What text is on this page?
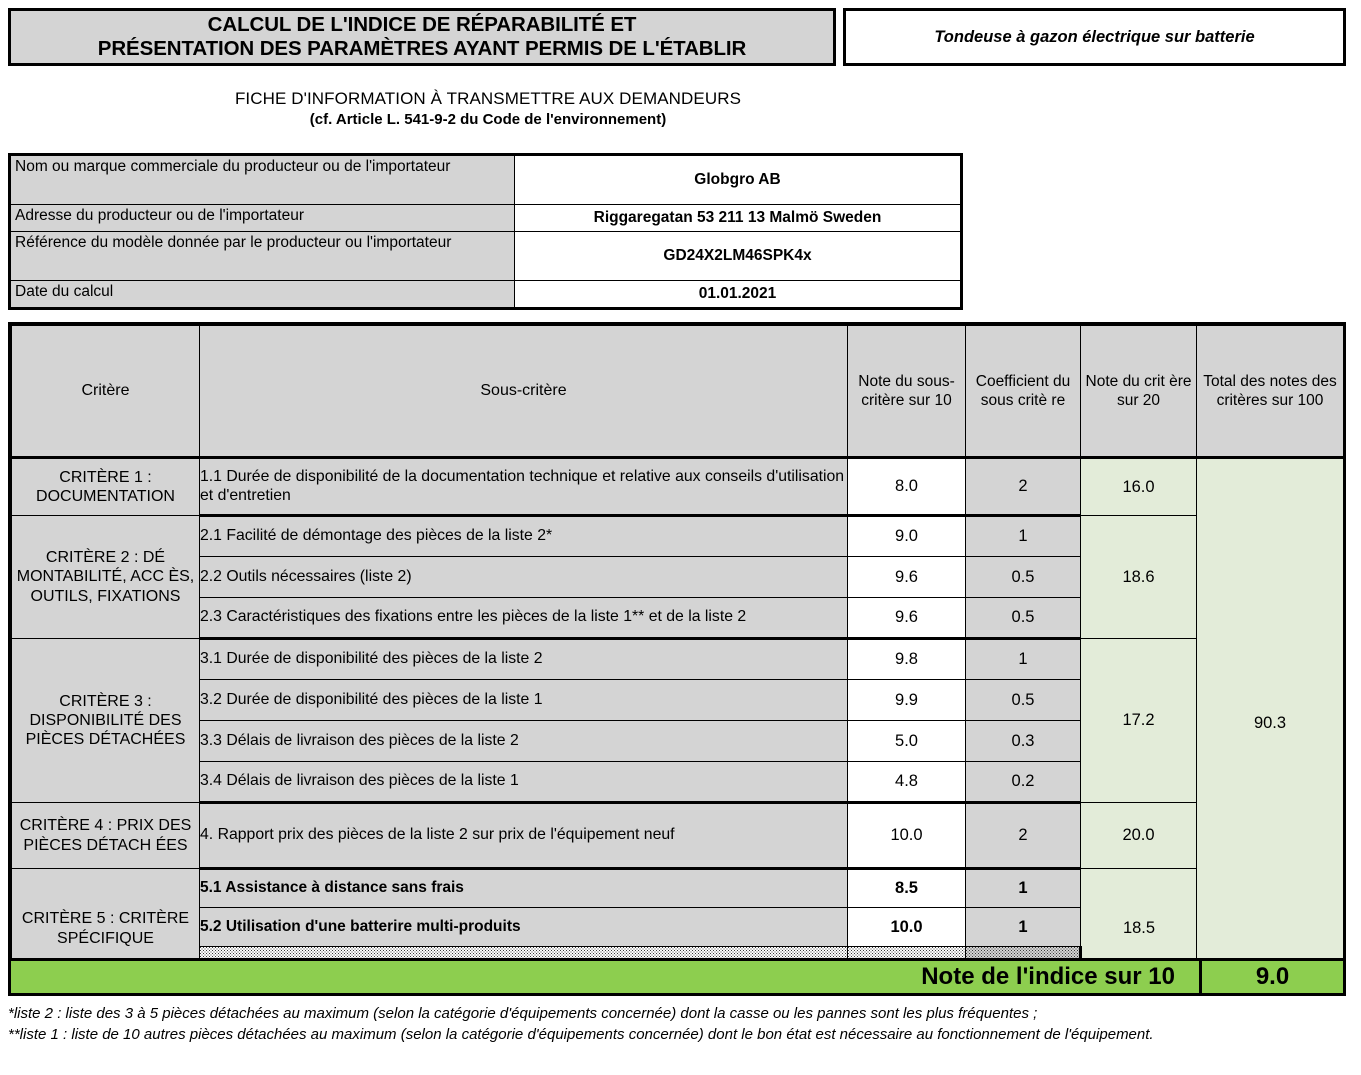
CALCUL DE L'INDICE DE RÉPARABILITÉ ET
PRÉSENTATION DES PARAMÈTRES AYANT PERMIS DE L'ÉTABLIR
Tondeuse à gazon électrique sur batterie
FICHE D'INFORMATION À TRANSMETTRE AUX DEMANDEURS
(cf. Article L. 541-9-2 du Code de l'environnement)
Nom ou marque commerciale du producteur ou de l'importateur	Globgro AB
Adresse du producteur ou de l'importateur	Riggaregatan 53 211 13 Malmö Sweden
Référence du modèle donnée par le producteur ou l'importateur	GD24X2LM46SPK4x
Date du calcul	01.01.2021
Critère	Sous-critère	Note du sous-critère sur 10	Coefficient du sous critè re	Note du crit ère sur 20	Total des notes des critères sur 100
CRITÈRE 1 : DOCUMENTATION	1.1 Durée de disponibilité de la documentation technique et relative aux conseils d'utilisation et d'entretien	8.0	2	16.0	90.3
CRITÈRE 2 : DÉ MONTABILITÉ, ACC ÈS, OUTILS, FIXATIONS	2.1 Facilité de démontage des pièces de la liste 2*	9.0	1	18.6	
	2.2 Outils nécessaires (liste 2)	9.6	0.5		
	2.3 Caractéristiques des fixations entre les pièces de la liste 1** et de la liste 2	9.6	0.5		
CRITÈRE 3 : DISPONIBILITÉ DES PIÈCES DÉTACHÉES	3.1 Durée de disponibilité des pièces de la liste 2	9.8	1	17.2	
	3.2 Durée de disponibilité des pièces de la liste 1	9.9	0.5		
	3.3 Délais de livraison des pièces de la liste 2	5.0	0.3		
	3.4 Délais de livraison des pièces de la liste 1	4.8	0.2		
CRITÈRE 4 : PRIX DES PIÈCES DÉTACH ÉES	4. Rapport prix des pièces de la liste 2 sur prix de l'équipement neuf	10.0	2	20.0	
CRITÈRE 5 : CRITÈRE SPÉCIFIQUE	5.1 Assistance à distance sans frais	8.5	1	18.5	
	5.2 Utilisation d'une batterire multi-produits	10.0	1		

Note de l'indice sur 10	9.0

*liste 2 : liste des 3 à 5 pièces détachées au maximum (selon la catégorie d'équipements concernée) dont la casse ou les pannes sont les plus fréquentes ;

**liste 1 : liste de 10 autres pièces détachées au maximum (selon la catégorie d'équipements concernée) dont le bon état est nécessaire au fonctionnement de l'équipement.
